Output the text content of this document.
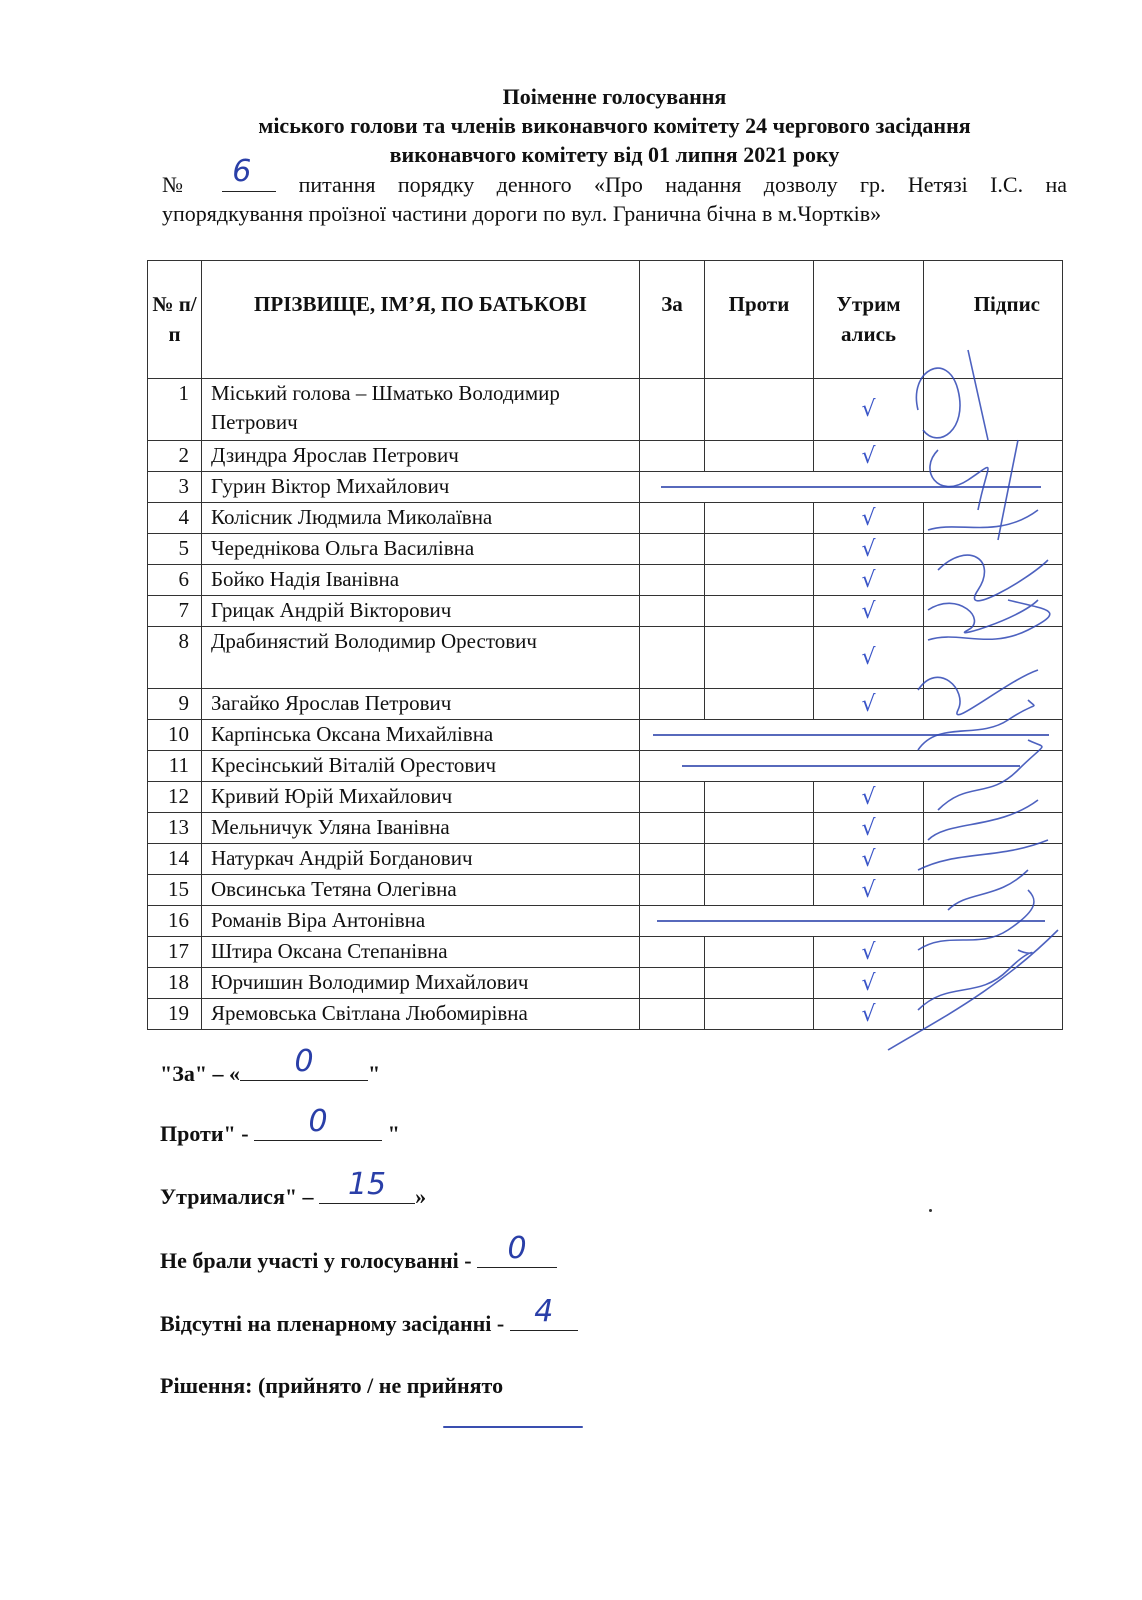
Поіменне голосування
міського голови та членів виконавчого комітету 24 чергового засідання
виконавчого комітету від 01 липня 2021 року
№ 6 питання порядку денного «Про надання дозволу гр. Нетязі І.С. на
упорядкування проїзної частини дороги по вул. Гранична бічна в м.Чортків»
№ п/ п	ПРІЗВИЩЕ, ІМ’Я, ПО БАТЬКОВІ	За	Проти	Утрим ались	Підпис
1	Міський голова – Шматько Володимир Петрович			√	
2	Дзиндра Ярослав Петрович			√	
3	Гурин Віктор Михайлович				

4	Колісник Людмила Миколаївна			√	
5	Череднікова Ольга Василівна			√	
6	Бойко Надія Іванівна			√	
7	Грицак Андрій Вікторович			√	
8	Драбинястий Володимир Орестович			√	
9	Загайко Ярослав Петрович			√	
10	Карпінська Оксана Михайлівна				

11	Кресінський Віталій Орестович				

12	Кривий Юрій Михайлович			√	
13	Мельничук Уляна Іванівна			√	
14	Натуркач Андрій Богданович			√	
15	Овсинська Тетяна Олегівна			√	
16	Романів Віра Антонівна				

17	Штира Оксана Степанівна			√	
18	Юрчишин Володимир Михайлович			√	
19	Яремовська Світлана Любомирівна			√	
"За" – « 0 "
Проти" - 0 "
Утрималися" – 15 »
Не брали участі у голосуванні - 0
Відсутні на пленарному засіданні - 4
Рішення: (прийнято / не прийнято
